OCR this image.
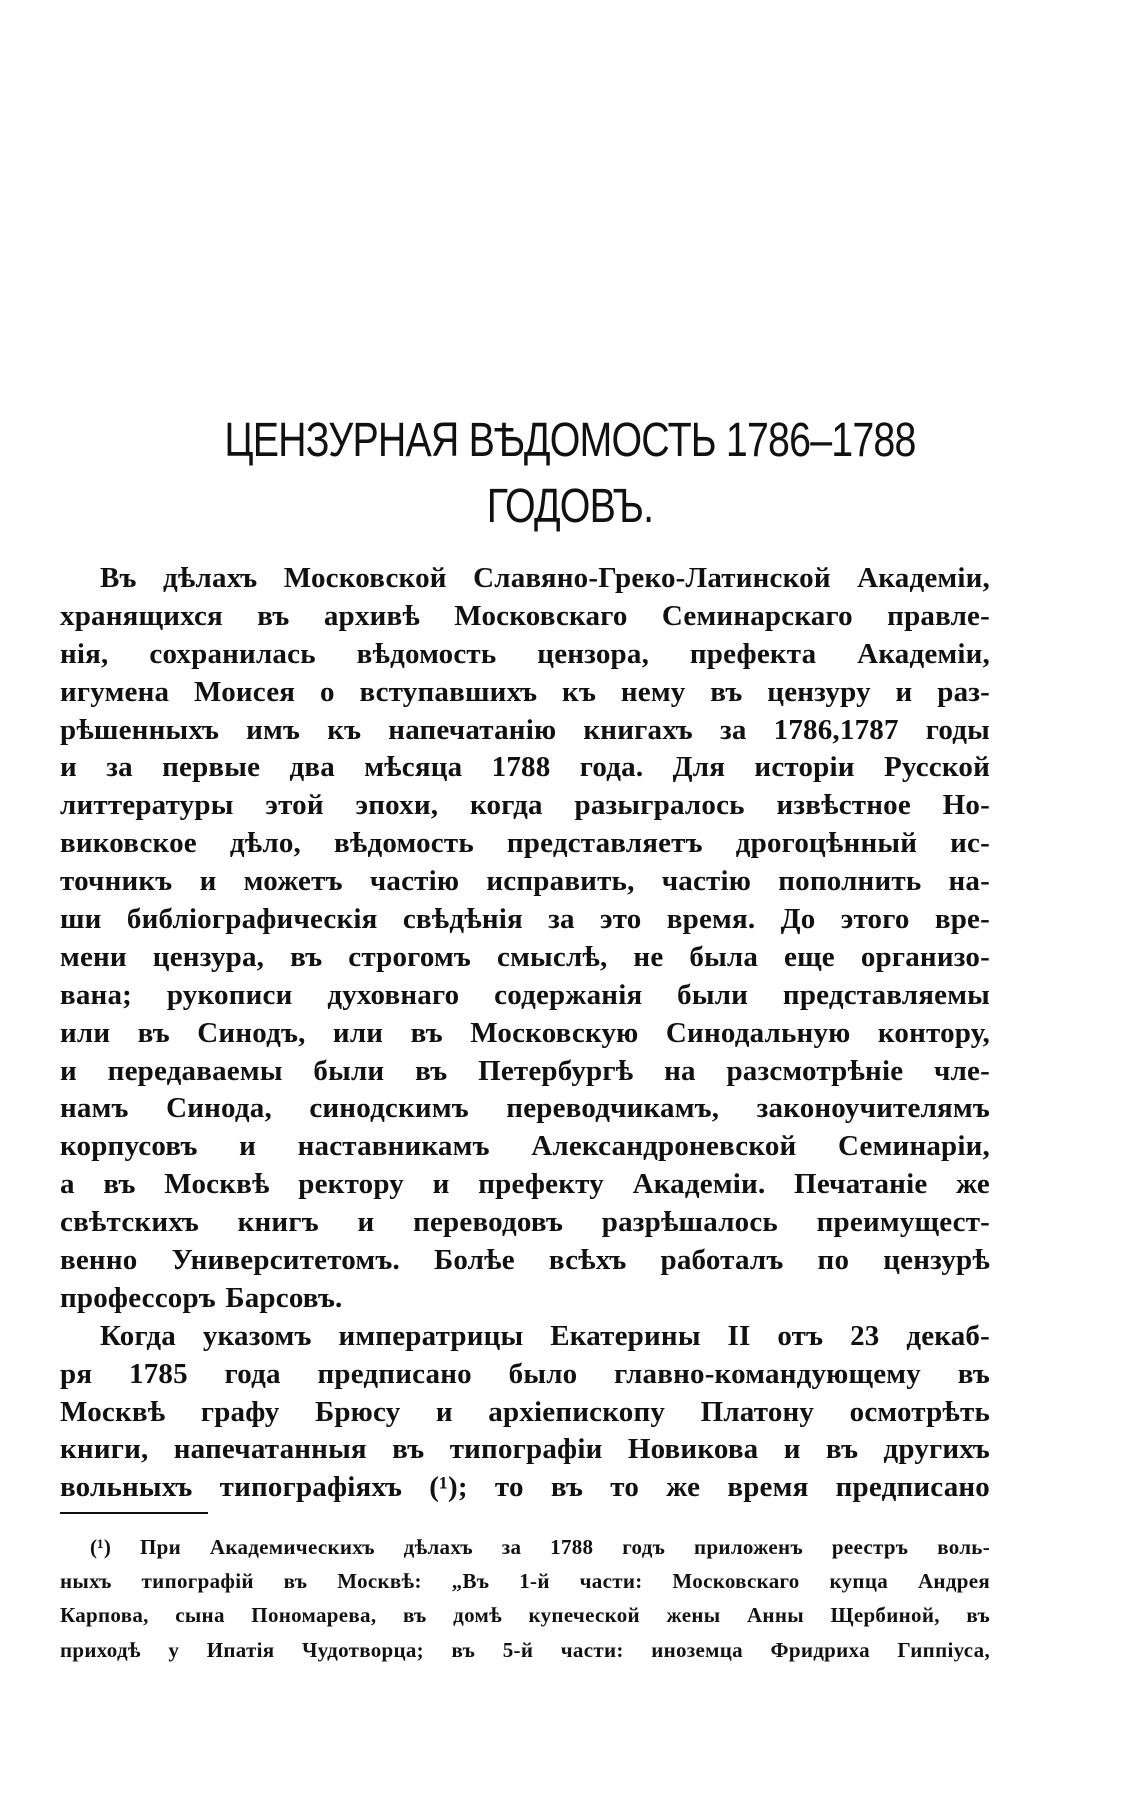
ЦЕНЗУРНАЯ ВѢДОМОСТЬ 1786–1788
ГОДОВЪ.
Въ дѣлахъ Московской Славяно-Греко-Латинской Академіи,
хранящихся въ архивѣ Московскаго Семинарскаго правле-
нія, сохранилась вѣдомость цензора, префекта Академіи,
игумена Моисея о вступавшихъ къ нему въ цензуру и раз-
рѣшенныхъ имъ къ напечатанію книгахъ за 1786,1787 годы
и за первые два мѣсяца 1788 года. Для исторіи Русской
литтературы этой эпохи, когда разыгралось извѣстное Но-
виковское дѣло, вѣдомость представляетъ дрогоцѣнный ис-
точникъ и можетъ частію исправить, частію пополнить на-
ши библіографическія свѣдѣнія за это время. До этого вре-
мени цензура, въ строгомъ смыслѣ, не была еще организо-
вана; рукописи духовнаго содержанія были представляемы
или въ Синодъ, или въ Московскую Синодальную контору,
и передаваемы были въ Петербургѣ на разсмотрѣніе чле-
намъ Синода, синодскимъ переводчикамъ, законоучителямъ
корпусовъ и наставникамъ Александроневской Семинаріи,
а въ Москвѣ ректору и префекту Академіи. Печатаніе же
свѣтскихъ книгъ и переводовъ разрѣшалось преимущест-
венно Университетомъ. Болѣе всѣхъ работалъ по цензурѣ
профессоръ Барсовъ.
Когда указомъ императрицы Екатерины II отъ 23 декаб-
ря 1785 года предписано было главно-командующему въ
Москвѣ графу Брюсу и архіепископу Платону осмотрѣть
книги, напечатанныя въ типографіи Новикова и въ другихъ
вольныхъ типографіяхъ (¹); то въ то же время предписано
(¹) При Академическихъ дѣлахъ за 1788 годъ приложенъ реестръ воль-
ныхъ типографій въ Москвѣ: „Въ 1-й части: Московскаго купца Андрея
Карпова, сына Пономарева, въ домѣ купеческой жены Анны Щербиной, въ
приходѣ у Ипатія Чудотворца; въ 5-й части: иноземца Фридриха Гиппіуса,
